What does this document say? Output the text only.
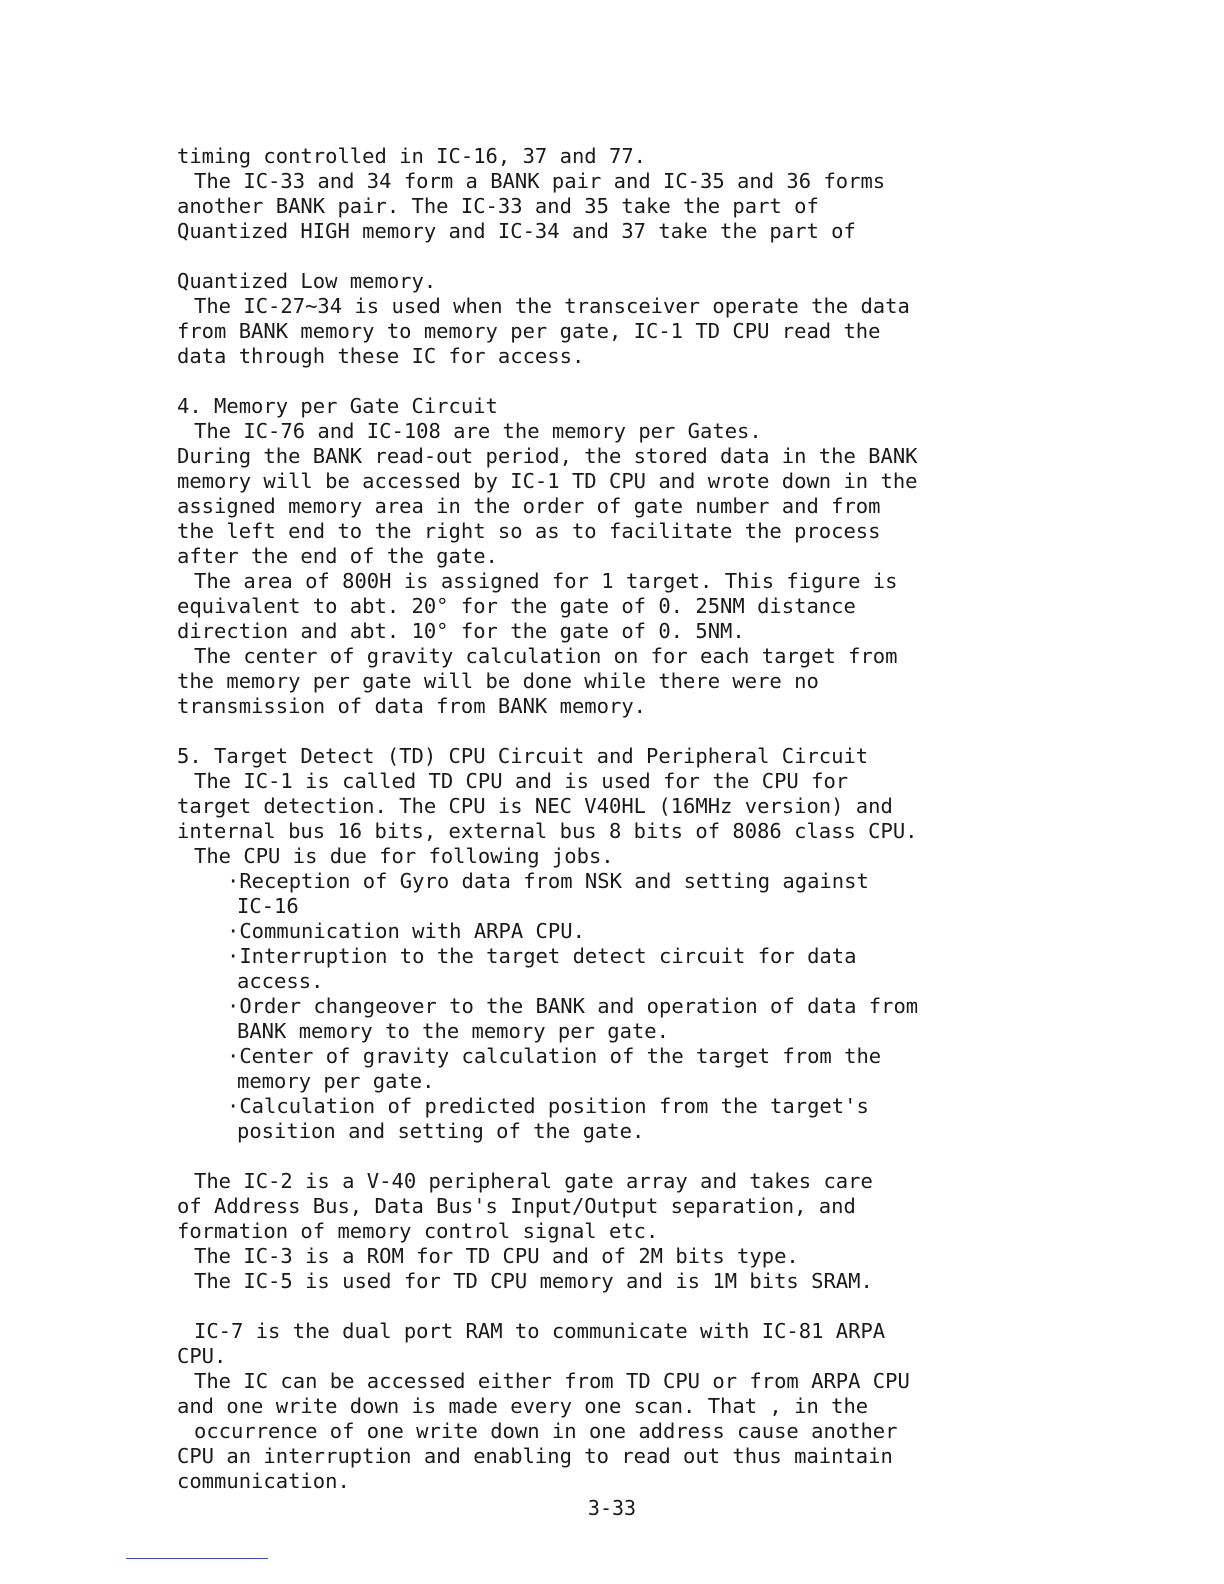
timing controlled in IC-16, 37 and 77.

The IC-33 and 34 form a BANK pair and IC-35 and 36 forms

another BANK pair. The IC-33 and 35 take the part of

Quantized HIGH memory and IC-34 and 37 take the part of

Quantized Low memory.

The IC-27~34 is used when the transceiver operate the data

from BANK memory to memory per gate, IC-1 TD CPU read the

data through these IC for access.

4. Memory per Gate Circuit

The IC-76 and IC-108 are the memory per Gates.

During the BANK read-out period, the stored data in the BANK

memory will be accessed by IC-1 TD CPU and wrote down in the

assigned memory area in the order of gate number and from

the left end to the right so as to facilitate the process

after the end of the gate.

The area of 800H is assigned for 1 target. This figure is

equivalent to abt. 20° for the gate of 0. 25NM distance

direction and abt. 10° for the gate of 0. 5NM.

The center of gravity calculation on for each target from

the memory per gate will be done while there were no

transmission of data from BANK memory.

5. Target Detect (TD) CPU Circuit and Peripheral Circuit

The IC-1 is called TD CPU and is used for the CPU for

target detection. The CPU is NEC V40HL (16MHz version) and

internal bus 16 bits, external bus 8 bits of 8086 class CPU.

The CPU is due for following jobs.

·Reception of Gyro data from NSK and setting against

IC-16

·Communication with ARPA CPU.

·Interruption to the target detect circuit for data

access.

·Order changeover to the BANK and operation of data from

BANK memory to the memory per gate.

·Center of gravity calculation of the target from the

memory per gate.

·Calculation of predicted position from the target's

position and setting of the gate.

The IC-2 is a V-40 peripheral gate array and takes care

of Address Bus, Data Bus's Input/Output separation, and

formation of memory control signal etc.

The IC-3 is a ROM for TD CPU and of 2M bits type.

The IC-5 is used for TD CPU memory and is 1M bits SRAM.

IC-7 is the dual port RAM to communicate with IC-81 ARPA

CPU.

The IC can be accessed either from TD CPU or from ARPA CPU

and one write down is made every one scan. That , in the

occurrence of one write down in one address cause another

CPU an interruption and enabling to read out thus maintain

communication.

3-33
